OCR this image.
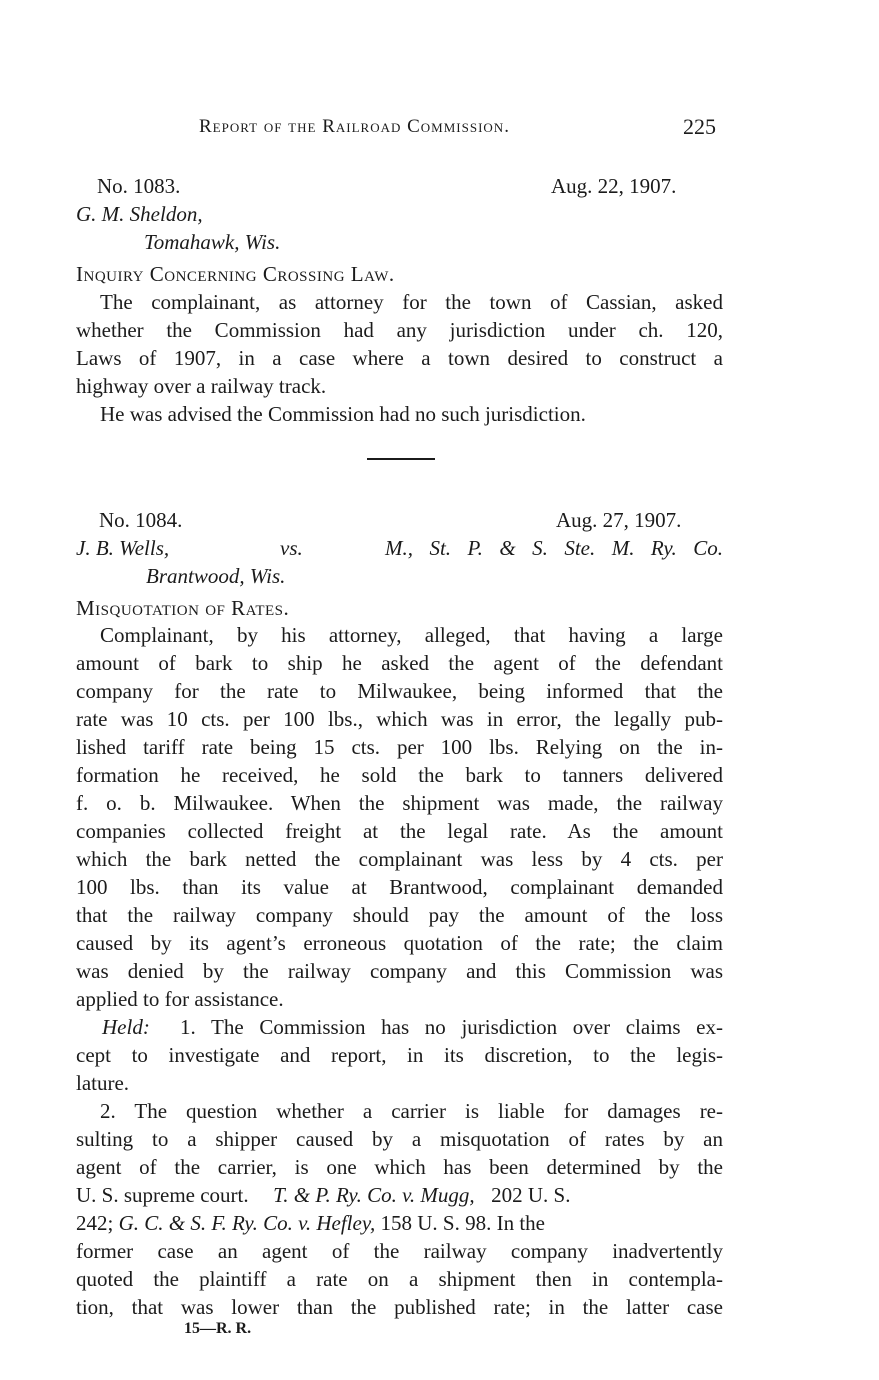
Report of the Railroad Commission.	225
No. 1083.	Aug. 22, 1907.
G. M. Sheldon,
Tomahawk, Wis.
Inquiry Concerning Crossing Law.
The complainant, as attorney for the town of Cassian, asked
whether the Commission had any jurisdiction under ch. 120,
Laws of 1907, in a case where a town desired to construct a
highway over a railway track.
He was advised the Commission had no such jurisdiction.
No. 1084.	Aug. 27, 1907.
J. B. Wells,	vs.	M., St. P. & S. Ste. M. Ry. Co.
Brantwood, Wis.
Misquotation of Rates.
Complainant, by his attorney, alleged, that having a large
amount of bark to ship he asked the agent of the defendant
company for the rate to Milwaukee, being informed that the
rate was 10 cts. per 100 lbs., which was in error, the legally pub-
lished tariff rate being 15 cts. per 100 lbs. Relying on the in-
formation he received, he sold the bark to tanners delivered
f. o. b. Milwaukee. When the shipment was made, the railway
companies collected freight at the legal rate. As the amount
which the bark netted the complainant was less by 4 cts. per
100 lbs. than its value at Brantwood, complainant demanded
that the railway company should pay the amount of the loss
caused by its agent’s erroneous quotation of the rate; the claim
was denied by the railway company and this Commission was
applied to for assistance.
Held: 1. The Commission has no jurisdiction over claims ex-
cept to investigate and report, in its discretion, to the legis-
lature.
2. The question whether a carrier is liable for damages re-
sulting to a shipper caused by a misquotation of rates by an
agent of the carrier, is one which has been determined by the
U. S. supreme court. T. & P. Ry. Co. v. Mugg, 202 U. S.
242; G. C. & S. F. Ry. Co. v. Hefley, 158 U. S. 98. In the
former case an agent of the railway company inadvertently
quoted the plaintiff a rate on a shipment then in contempla-
tion, that was lower than the published rate; in the latter case
15—R. R.
